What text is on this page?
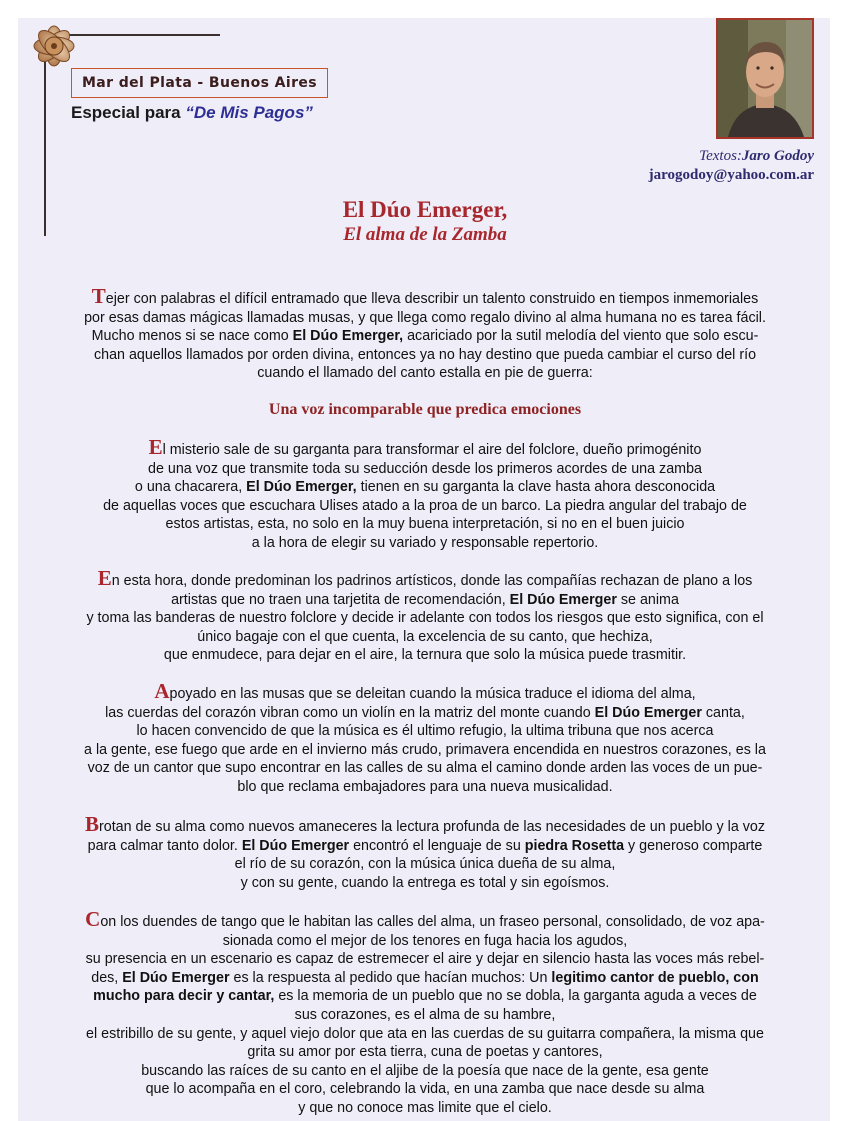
Mar del Plata - Buenos Aires
Especial para “De Mis Pagos”
Textos:Jaro Godoy
jarogodoy@yahoo.com.ar
El Dúo Emerger,
El alma de la Zamba
Tejer con palabras el difícil entramado que lleva describir un talento construido en tiempos inmemoriales
por esas damas mágicas llamadas musas, y que llega como regalo divino al alma humana no es tarea fácil.
Mucho menos si se nace como El Dúo Emerger, acariciado por la sutil melodía del viento que solo escu-
chan aquellos llamados por orden divina, entonces ya no hay destino que pueda cambiar el curso del río
cuando el llamado del canto estalla en pie de guerra:
Una voz incomparable que predica emociones
El misterio sale de su garganta para transformar el aire del folclore, dueño primogénito
de una voz que transmite toda su seducción desde los primeros acordes de una zamba
o una chacarera, El Dúo Emerger, tienen en su garganta la clave hasta ahora desconocida
de aquellas voces que escuchara Ulises atado a la proa de un barco. La piedra angular del trabajo de
estos artistas, esta, no solo en la muy buena interpretación, si no en el buen juicio
a la hora de elegir su variado y responsable repertorio.
En esta hora, donde predominan los padrinos artísticos, donde las compañías rechazan de plano a los
artistas que no traen una tarjetita de recomendación, El Dúo Emerger se anima
y toma las banderas de nuestro folclore y decide ir adelante con todos los riesgos que esto significa, con el
único bagaje con el que cuenta, la excelencia de su canto, que hechiza,
que enmudece, para dejar en el aire, la ternura que solo la música puede trasmitir.
Apoyado en las musas que se deleitan cuando la música traduce el idioma del alma,
las cuerdas del corazón vibran como un violín en la matriz del monte cuando El Dúo Emerger canta,
lo hacen convencido de que la música es él ultimo refugio, la ultima tribuna que nos acerca
a la gente, ese fuego que arde en el invierno más crudo, primavera encendida en nuestros corazones, es la
voz de un cantor que supo encontrar en las calles de su alma el camino donde arden las voces de un pue-
blo que reclama embajadores para una nueva musicalidad.
Brotan de su alma como nuevos amaneceres la lectura profunda de las necesidades de un pueblo y la voz
para calmar tanto dolor. El Dúo Emerger encontró el lenguaje de su piedra Rosetta y generoso comparte
el río de su corazón, con la música única dueña de su alma,
y con su gente, cuando la entrega es total y sin egoísmos.
Con los duendes de tango que le habitan las calles del alma, un fraseo personal, consolidado, de voz apa-
sionada como el mejor de los tenores en fuga hacia los agudos,
su presencia en un escenario es capaz de estremecer el aire y dejar en silencio hasta las voces más rebel-
des, El Dúo Emerger es la respuesta al pedido que hacían muchos: Un legitimo cantor de pueblo, con
mucho para decir y cantar, es la memoria de un pueblo que no se dobla, la garganta aguda a veces de
sus corazones, es el alma de su hambre,
el estribillo de su gente, y aquel viejo dolor que ata en las cuerdas de su guitarra compañera, la misma que
grita su amor por esta tierra, cuna de poetas y cantores,
buscando las raíces de su canto en el aljibe de la poesía que nace de la gente, esa gente
que lo acompaña en el coro, celebrando la vida, en una zamba que nace desde su alma
y que no conoce mas limite que el cielo.
